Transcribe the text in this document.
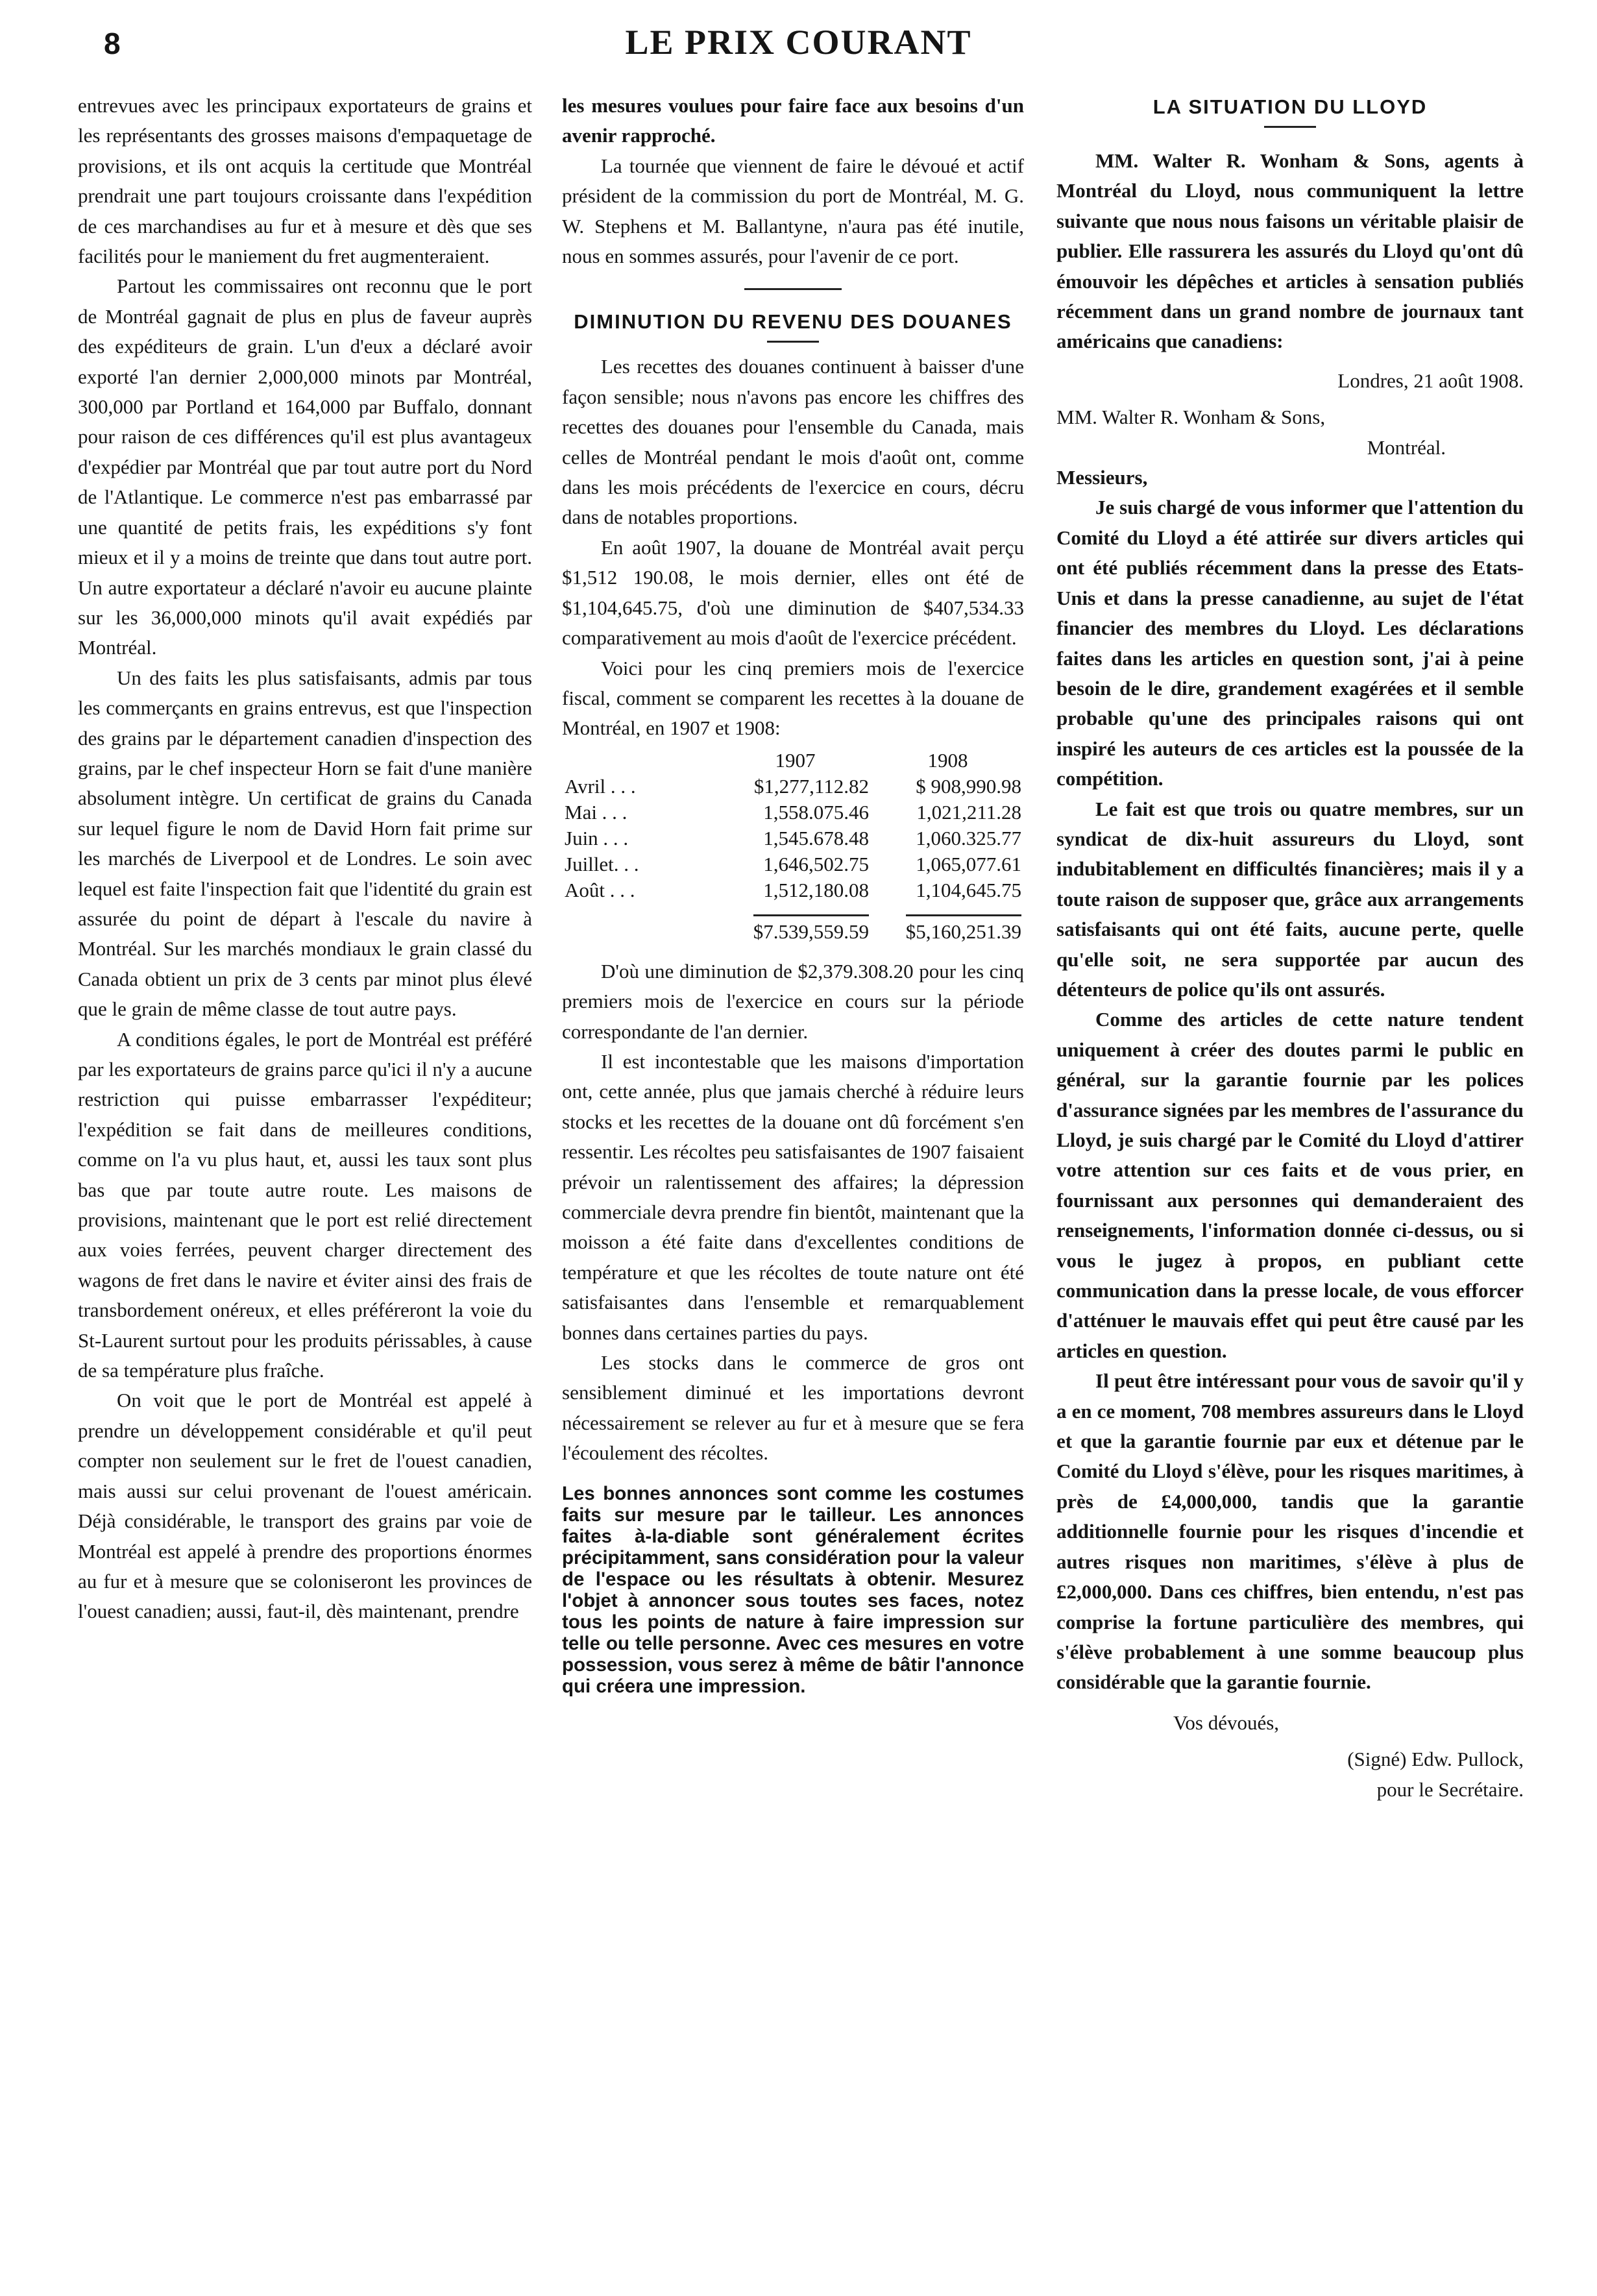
8	LE PRIX COURANT

entrevues avec les principaux exportateurs de grains et les représentants des grosses maisons d'empaquetage de provisions, et ils ont acquis la certitude que Montréal prendrait une part toujours croissante dans l'expédition de ces marchandises au fur et à mesure et dès que ses facilités pour le maniement du fret augmenteraient.

Partout les commissaires ont reconnu que le port de Montréal gagnait de plus en plus de faveur auprès des expéditeurs de grain. L'un d'eux a déclaré avoir exporté l'an dernier 2,000,000 minots par Montréal, 300,000 par Portland et 164,000 par Buffalo, donnant pour raison de ces différences qu'il est plus avantageux d'expédier par Montréal que par tout autre port du Nord de l'Atlantique. Le commerce n'est pas embarrassé par une quantité de petits frais, les expéditions s'y font mieux et il y a moins de treinte que dans tout autre port. Un autre exportateur a déclaré n'avoir eu aucune plainte sur les 36,000,000 minots qu'il avait expédiés par Montréal.

Un des faits les plus satisfaisants, admis par tous les commerçants en grains entrevus, est que l'inspection des grains par le département canadien d'inspection des grains, par le chef inspecteur Horn se fait d'une manière absolument intègre. Un certificat de grains du Canada sur lequel figure le nom de David Horn fait prime sur les marchés de Liverpool et de Londres. Le soin avec lequel est faite l'inspection fait que l'identité du grain est assurée du point de départ à l'escale du navire à Montréal. Sur les marchés mondiaux le grain classé du Canada obtient un prix de 3 cents par minot plus élevé que le grain de même classe de tout autre pays.

A conditions égales, le port de Montréal est préféré par les exportateurs de grains parce qu'ici il n'y a aucune restriction qui puisse embarrasser l'expéditeur; l'expédition se fait dans de meilleures conditions, comme on l'a vu plus haut, et, aussi les taux sont plus bas que par toute autre route. Les maisons de provisions, maintenant que le port est relié directement aux voies ferrées, peuvent charger directement des wagons de fret dans le navire et éviter ainsi des frais de transbordement onéreux, et elles préféreront la voie du St-Laurent surtout pour les produits périssables, à cause de sa température plus fraîche.

On voit que le port de Montréal est appelé à prendre un développement considérable et qu'il peut compter non seulement sur le fret de l'ouest canadien, mais aussi sur celui provenant de l'ouest américain. Déjà considérable, le transport des grains par voie de Montréal est appelé à prendre des proportions énormes au fur et à mesure que se coloniseront les provinces de l'ouest canadien; aussi, faut-il, dès maintenant, prendre

les mesures voulues pour faire face aux besoins d'un avenir rapproché.

La tournée que viennent de faire le dévoué et actif président de la commission du port de Montréal, M. G. W. Stephens et M. Ballantyne, n'aura pas été inutile, nous en sommes assurés, pour l'avenir de ce port.

DIMINUTION DU REVENU DES DOUANES

Les recettes des douanes continuent à baisser d'une façon sensible; nous n'avons pas encore les chiffres des recettes des douanes pour l'ensemble du Canada, mais celles de Montréal pendant le mois d'août ont, comme dans les mois précédents de l'exercice en cours, décru dans de notables proportions.

En août 1907, la douane de Montréal avait perçu $1,512 190.08, le mois dernier, elles ont été de $1,104,645.75, d'où une diminution de $407,534.33 comparativement au mois d'août de l'exercice précédent.

Voici pour les cinq premiers mois de l'exercice fiscal, comment se comparent les recettes à la douane de Montréal, en 1907 et 1908:

	1907	1908
Avril . . .	$1,277,112.82	$ 908,990.98
Mai . . .	1,558.075.46	1,021,211.28
Juin . . .	1,545.678.48	1,060.325.77
Juillet. . .	1,646,502.75	1,065,077.61
Août . . .	1,512,180.08	1,104,645.75
	$7.539,559.59	$5,160,251.39

D'où une diminution de $2,379.308.20 pour les cinq premiers mois de l'exercice en cours sur la période correspondante de l'an dernier.

Il est incontestable que les maisons d'importation ont, cette année, plus que jamais cherché à réduire leurs stocks et les recettes de la douane ont dû forcément s'en ressentir. Les récoltes peu satisfaisantes de 1907 faisaient prévoir un ralentissement des affaires; la dépression commerciale devra prendre fin bientôt, maintenant que la moisson a été faite dans d'excellentes conditions de température et que les récoltes de toute nature ont été satisfaisantes dans l'ensemble et remarquablement bonnes dans certaines parties du pays.

Les stocks dans le commerce de gros ont sensiblement diminué et les importations devront nécessairement se relever au fur et à mesure que se fera l'écoulement des récoltes.

Les bonnes annonces sont comme les costumes faits sur mesure par le tailleur. Les annonces faites à-la-diable sont généralement écrites précipitamment, sans considération pour la valeur de l'espace ou les résultats à obtenir. Mesurez l'objet à annoncer sous toutes ses faces, notez tous les points de nature à faire impression sur telle ou telle personne. Avec ces mesures en votre possession, vous serez à même de bâtir l'annonce qui créera une impression.
LA SITUATION DU LLOYD

MM. Walter R. Wonham & Sons, agents à Montréal du Lloyd, nous communiquent la lettre suivante que nous nous faisons un véritable plaisir de publier. Elle rassurera les assurés du Lloyd qu'ont dû émouvoir les dépêches et articles à sensation publiés récemment dans un grand nombre de journaux tant américains que canadiens:

Londres, 21 août 1908.

MM. Walter R. Wonham & Sons,

Montréal.

Messieurs,

Je suis chargé de vous informer que l'attention du Comité du Lloyd a été attirée sur divers articles qui ont été publiés récemment dans la presse des Etats-Unis et dans la presse canadienne, au sujet de l'état financier des membres du Lloyd. Les déclarations faites dans les articles en question sont, j'ai à peine besoin de le dire, grandement exagérées et il semble probable qu'une des principales raisons qui ont inspiré les auteurs de ces articles est la poussée de la compétition.

Le fait est que trois ou quatre membres, sur un syndicat de dix-huit assureurs du Lloyd, sont indubitablement en difficultés financières; mais il y a toute raison de supposer que, grâce aux arrangements satisfaisants qui ont été faits, aucune perte, quelle qu'elle soit, ne sera supportée par aucun des détenteurs de police qu'ils ont assurés.

Comme des articles de cette nature tendent uniquement à créer des doutes parmi le public en général, sur la garantie fournie par les polices d'assurance signées par les membres de l'assurance du Lloyd, je suis chargé par le Comité du Lloyd d'attirer votre attention sur ces faits et de vous prier, en fournissant aux personnes qui demanderaient des renseignements, l'information donnée ci-dessus, ou si vous le jugez à propos, en publiant cette communication dans la presse locale, de vous efforcer d'atténuer le mauvais effet qui peut être causé par les articles en question.

Il peut être intéressant pour vous de savoir qu'il y a en ce moment, 708 membres assureurs dans le Lloyd et que la garantie fournie par eux et détenue par le Comité du Lloyd s'élève, pour les risques maritimes, à près de £4,000,000, tandis que la garantie additionnelle fournie pour les risques d'incendie et autres risques non maritimes, s'élève à plus de £2,000,000. Dans ces chiffres, bien entendu, n'est pas comprise la fortune particulière des membres, qui s'élève probablement à une somme beaucoup plus considérable que la garantie fournie.

Vos dévoués,

(Signé) Edw. Pullock,

pour le Secrétaire.
